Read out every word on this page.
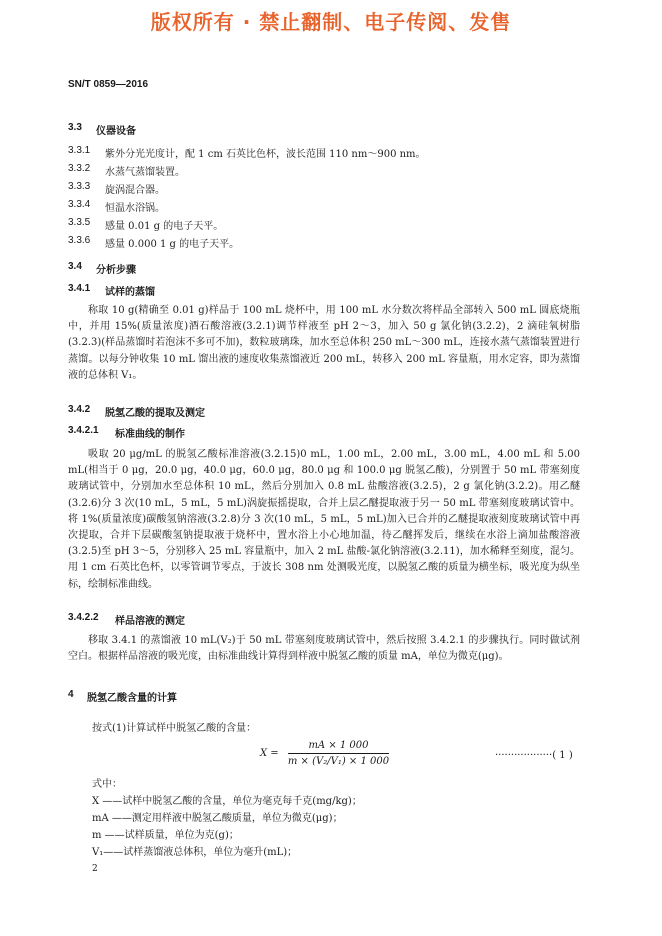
版权所有 · 禁止翻制、电子传阅、发售
SN/T 0859—2016
3.3 仪器设备
3.3.1 紫外分光光度计，配 1 cm 石英比色杯，波长范围 110 nm～900 nm。
3.3.2 水蒸气蒸馏装置。
3.3.3 旋涡混合器。
3.3.4 恒温水浴锅。
3.3.5 感量 0.01 g 的电子天平。
3.3.6 感量 0.000 1 g 的电子天平。
3.4 分析步骤
3.4.1 试样的蒸馏

称取 10 g(精确至 0.01 g)样品于 100 mL 烧杯中，用 100 mL 水分数次将样品全部转入 500 mL 圆底烧瓶中，并用 15%(质量浓度)酒石酸溶液(3.2.1)调节样液至 pH 2～3，加入 50 g 氯化钠(3.2.2)，2 滴硅氧树脂(3.2.3)(样品蒸馏时若泡沫不多可不加)，数粒玻璃珠，加水至总体积 250 mL～300 mL，连接水蒸气蒸馏装置进行蒸馏。以每分钟收集 10 mL 馏出液的速度收集蒸馏液近 200 mL，转移入 200 mL 容量瓶，用水定容，即为蒸馏液的总体积 V₁。

3.4.2 脱氢乙酸的提取及测定
3.4.2.1 标准曲线的制作

吸取 20 μg/mL 的脱氢乙酸标准溶液(3.2.15)0 mL，1.00 mL，2.00 mL，3.00 mL，4.00 mL 和 5.00 mL(相当于 0 μg，20.0 μg，40.0 μg，60.0 μg，80.0 μg 和 100.0 μg 脱氢乙酸)，分别置于 50 mL 带塞刻度玻璃试管中，分别加水至总体积 10 mL，然后分别加入 0.8 mL 盐酸溶液(3.2.5)，2 g 氯化钠(3.2.2)。用乙醚(3.2.6)分 3 次(10 mL，5 mL，5 mL)涡旋振摇提取，合并上层乙醚提取液于另一 50 mL 带塞刻度玻璃试管中。将 1%(质量浓度)碳酸氢钠溶液(3.2.8)分 3 次(10 mL，5 mL，5 mL)加入已合并的乙醚提取液刻度玻璃试管中再次提取，合并下层碳酸氢钠提取液于烧杯中，置水浴上小心地加温，待乙醚挥发后，继续在水浴上滴加盐酸溶液(3.2.5)至 pH 3～5，分别移入 25 mL 容量瓶中，加入 2 mL 盐酸-氯化钠溶液(3.2.11)，加水稀释至刻度，混匀。用 1 cm 石英比色杯，以零管调节零点，于波长 308 nm 处测吸光度，以脱氢乙酸的质量为横坐标，吸光度为纵坐标，绘制标准曲线。

3.4.2.2 样品溶液的测定

移取 3.4.1 的蒸馏液 10 mL(V₂)于 50 mL 带塞刻度玻璃试管中，然后按照 3.4.2.1 的步骤执行。同时做试剂空白。根据样品溶液的吸光度，由标准曲线计算得到样液中脱氢乙酸的质量 mA，单位为微克(μg)。

4 脱氢乙酸含量的计算
按式(1)计算试样中脱氢乙酸的含量：
$X = \frac{mA \times 1 000}{\text{m × (V₂/V₁) × 1 000}}$	··················( 1 )
式中：
X ——试样中脱氢乙酸的含量，单位为毫克每千克(mg/kg)；
mA ——测定用样液中脱氢乙酸质量，单位为微克(μg)；
m ——试样质量，单位为克(g)；
V₁——试样蒸馏液总体积，单位为毫升(mL)；
2
